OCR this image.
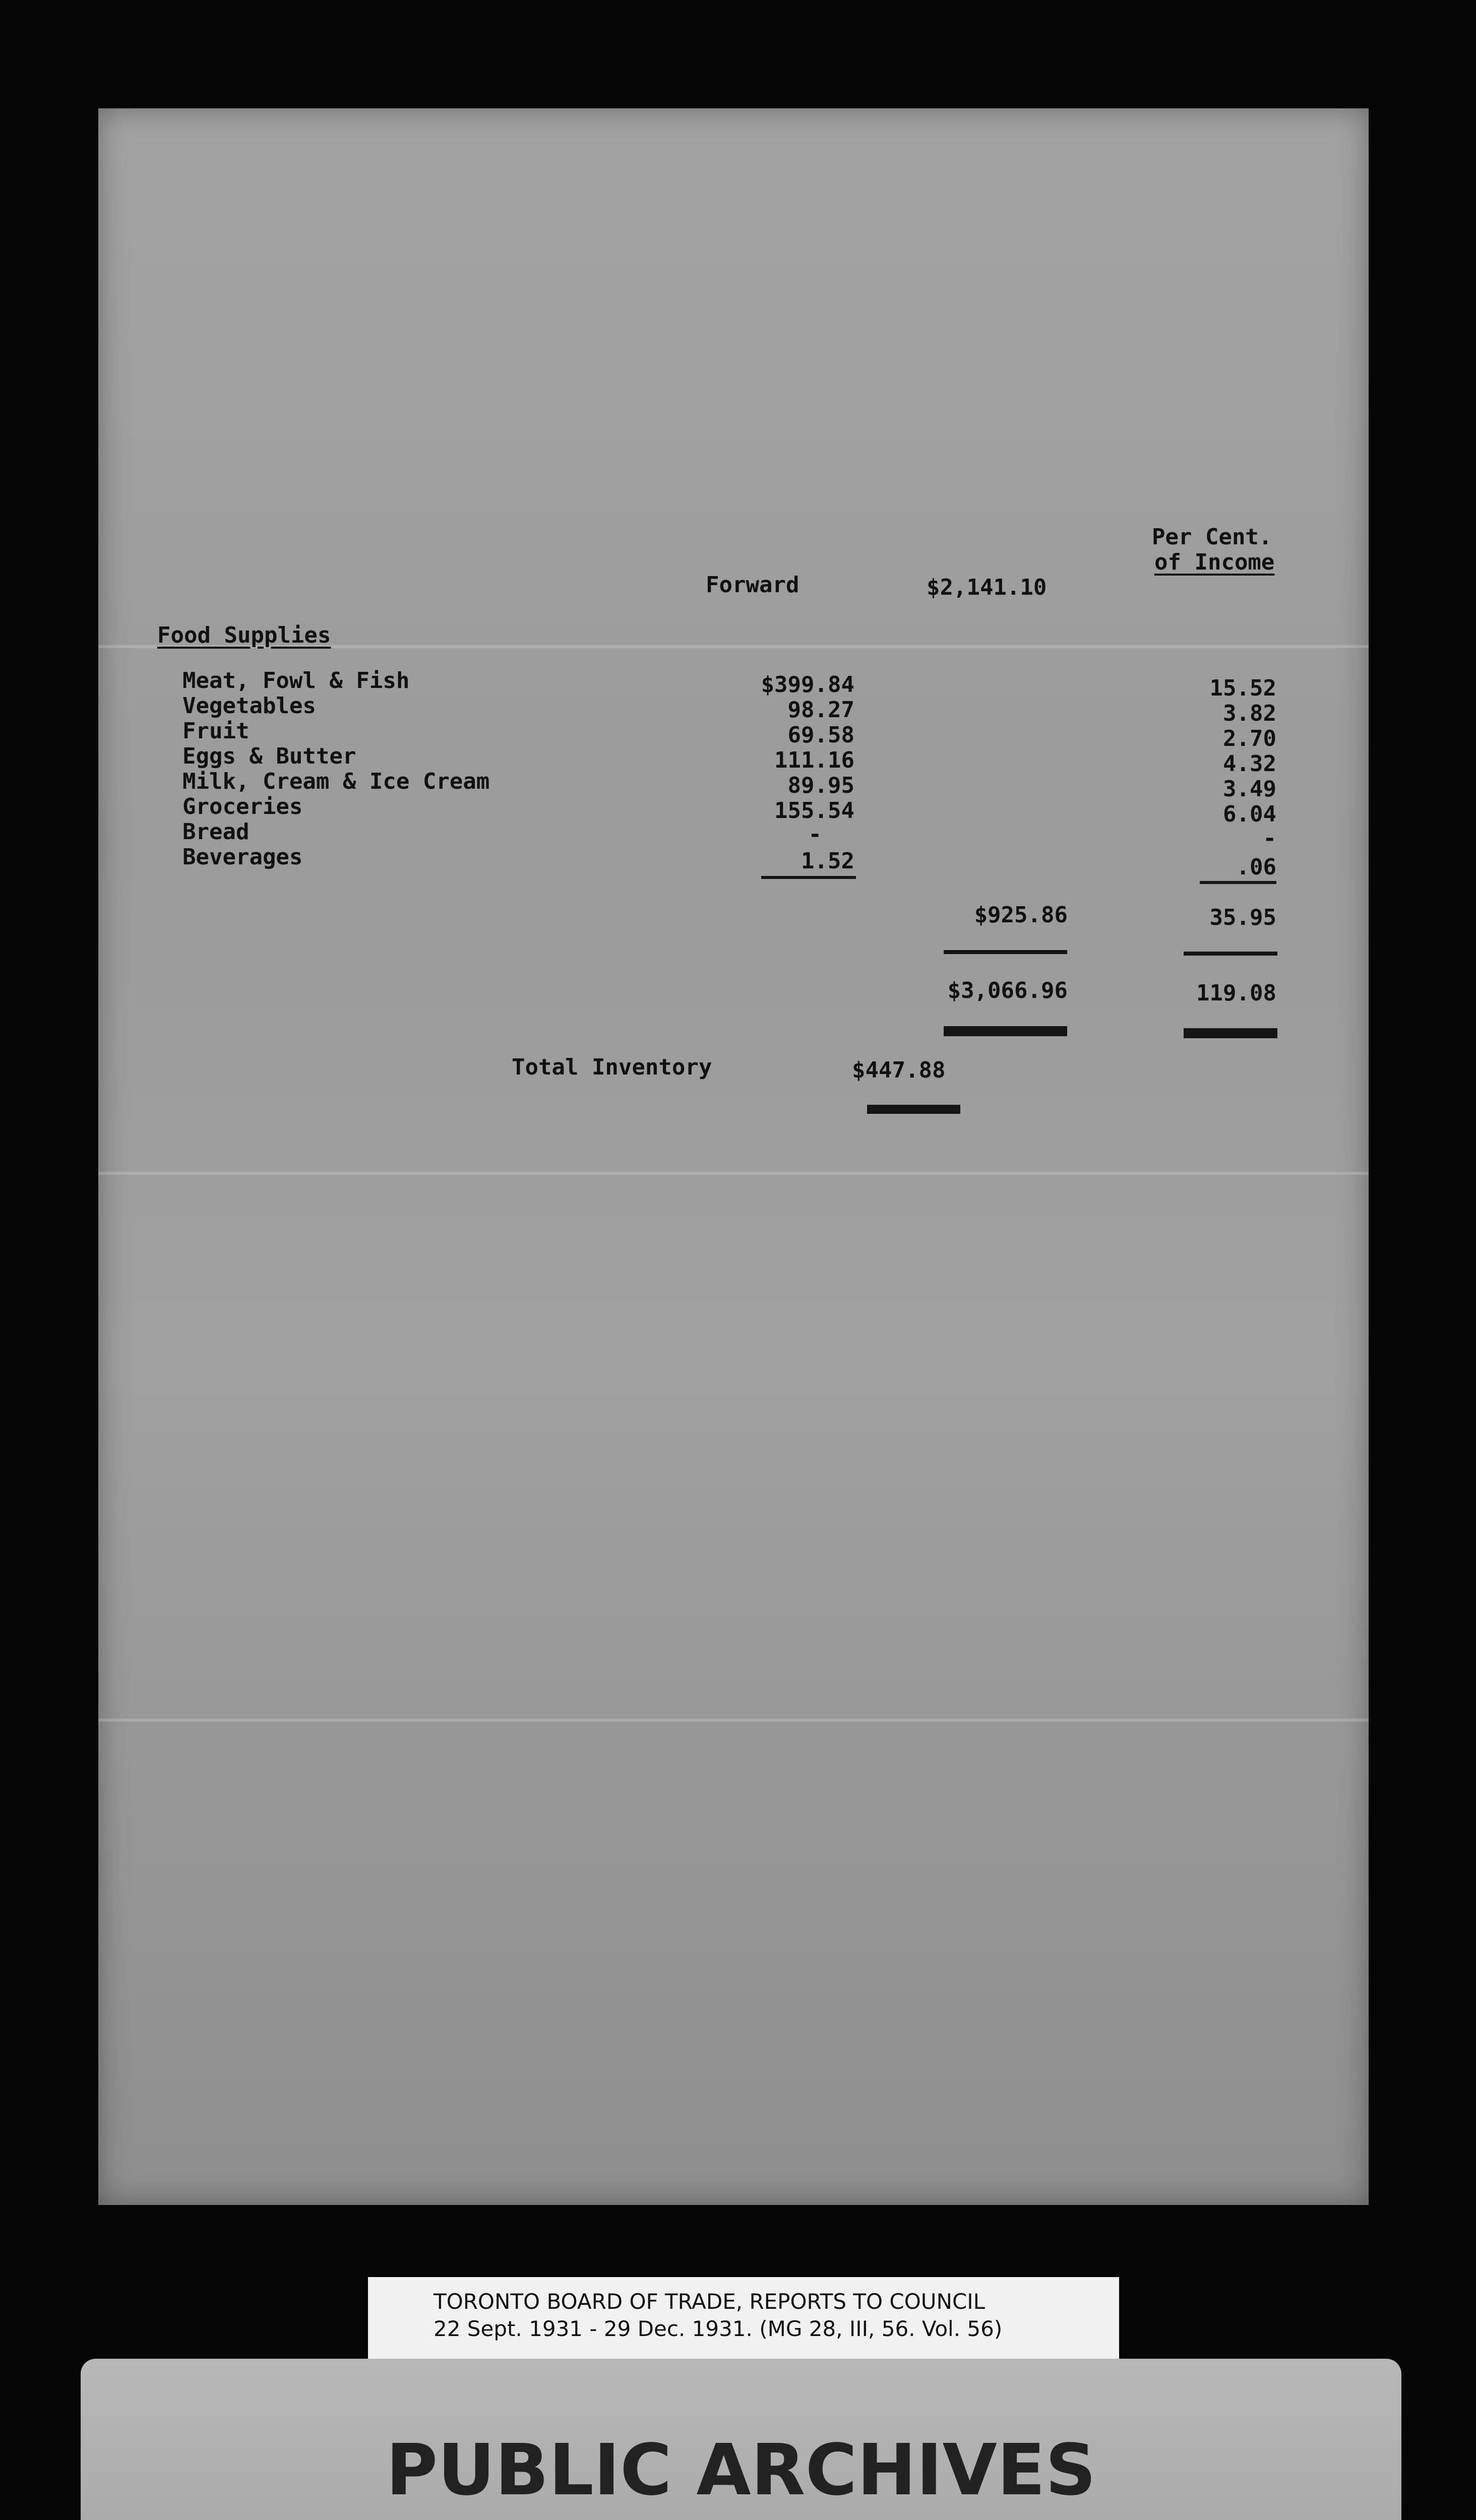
Per Cent.
of Income
Forward	$2,141.10
Food Supplies
Meat, Fowl & Fish	$399.84	15.52
Vegetables	98.27	3.82
Fruit	69.58	2.70
Eggs & Butter	111.16	4.32
Milk, Cream & Ice Cream	89.95	3.49
Groceries	155.54	6.04
Bread	-	-
Beverages	1.52	.06
$925.86	35.95
$3,066.96	119.08
Total Inventory	$447.88
TORONTO BOARD OF TRADE, REPORTS TO COUNCIL
22 Sept. 1931 - 29 Dec. 1931. (MG 28, III, 56. Vol. 56)
PUBLIC ARCHIVES
